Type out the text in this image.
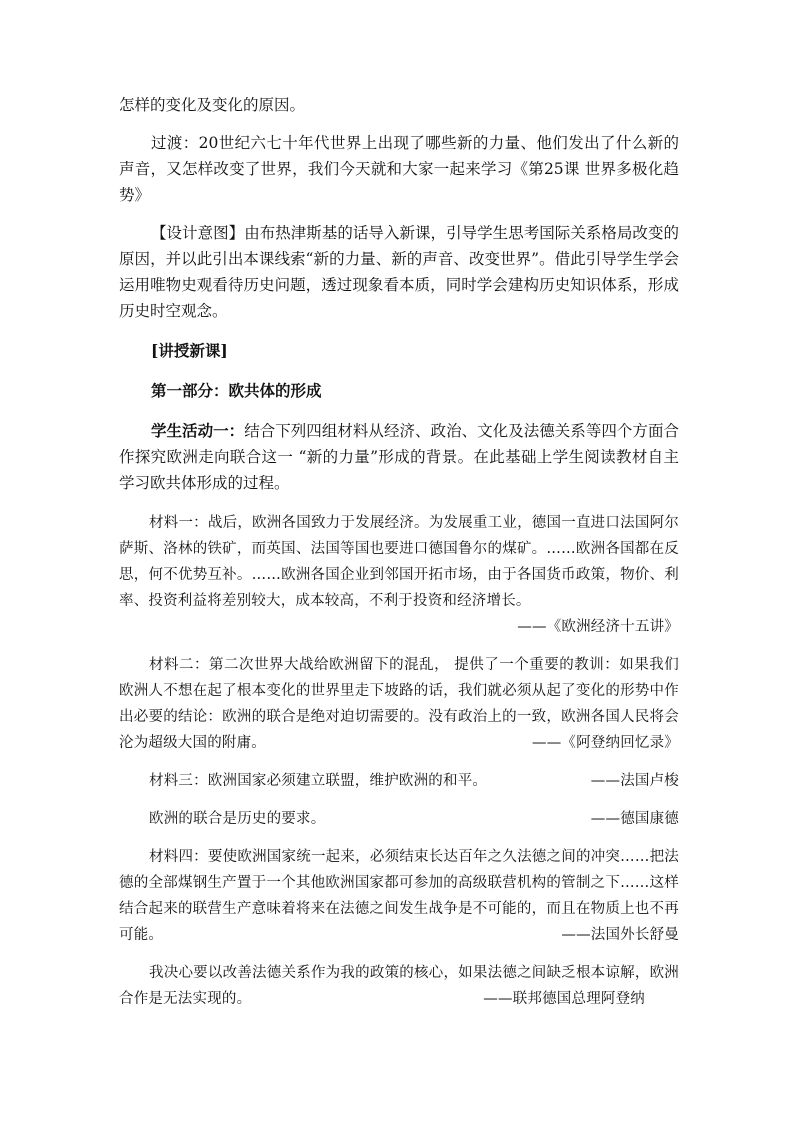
怎样的变化及变化的原因。

过渡：20世纪六七十年代世界上出现了哪些新的力量、他们发出了什么新的声音，又怎样改变了世界，我们今天就和大家一起来学习《第25课 世界多极化趋势》

【设计意图】由布热津斯基的话导入新课，引导学生思考国际关系格局改变的原因，并以此引出本课线索“新的力量、新的声音、改变世界”。借此引导学生学会运用唯物史观看待历史问题，透过现象看本质，同时学会建构历史知识体系，形成历史时空观念。

[讲授新课]

第一部分：欧共体的形成

学生活动一：结合下列四组材料从经济、政治、文化及法德关系等四个方面合作探究欧洲走向联合这一 “新的力量”形成的背景。在此基础上学生阅读教材自主学习欧共体形成的过程。

材料一：战后，欧洲各国致力于发展经济。为发展重工业，德国一直进口法国阿尔萨斯、洛林的铁矿，而英国、法国等国也要进口德国鲁尔的煤矿。……欧洲各国都在反思，何不优势互补。……欧洲各国企业到邻国开拓市场，由于各国货币政策，物价、利率、投资利益将差别较大，成本较高，不利于投资和经济增长。
——《欧洲经济十五讲》

材料二：第二次世界大战给欧洲留下的混乱， 提供了一个重要的教训：如果我们欧洲人不想在起了根本变化的世界里走下坡路的话，我们就必须从起了变化的形势中作出必要的结论：欧洲的联合是绝对迫切需要的。没有政治上的一致，欧洲各国人民将会沦为超级大国的附庸。	——《阿登纳回忆录》

材料三：欧洲国家必须建立联盟，维护欧洲的和平。	——法国卢梭
欧洲的联合是历史的要求。	——德国康德

材料四：要使欧洲国家统一起来，必须结束长达百年之久法德之间的冲突……把法德的全部煤钢生产置于一个其他欧洲国家都可参加的高级联营机构的管制之下……这样结合起来的联营生产意味着将来在法德之间发生战争是不可能的，而且在物质上也不再可能。	——法国外长舒曼

我决心要以改善法德关系作为我的政策的核心，如果法德之间缺乏根本谅解，欧洲合作是无法实现的。	——联邦德国总理阿登纳
